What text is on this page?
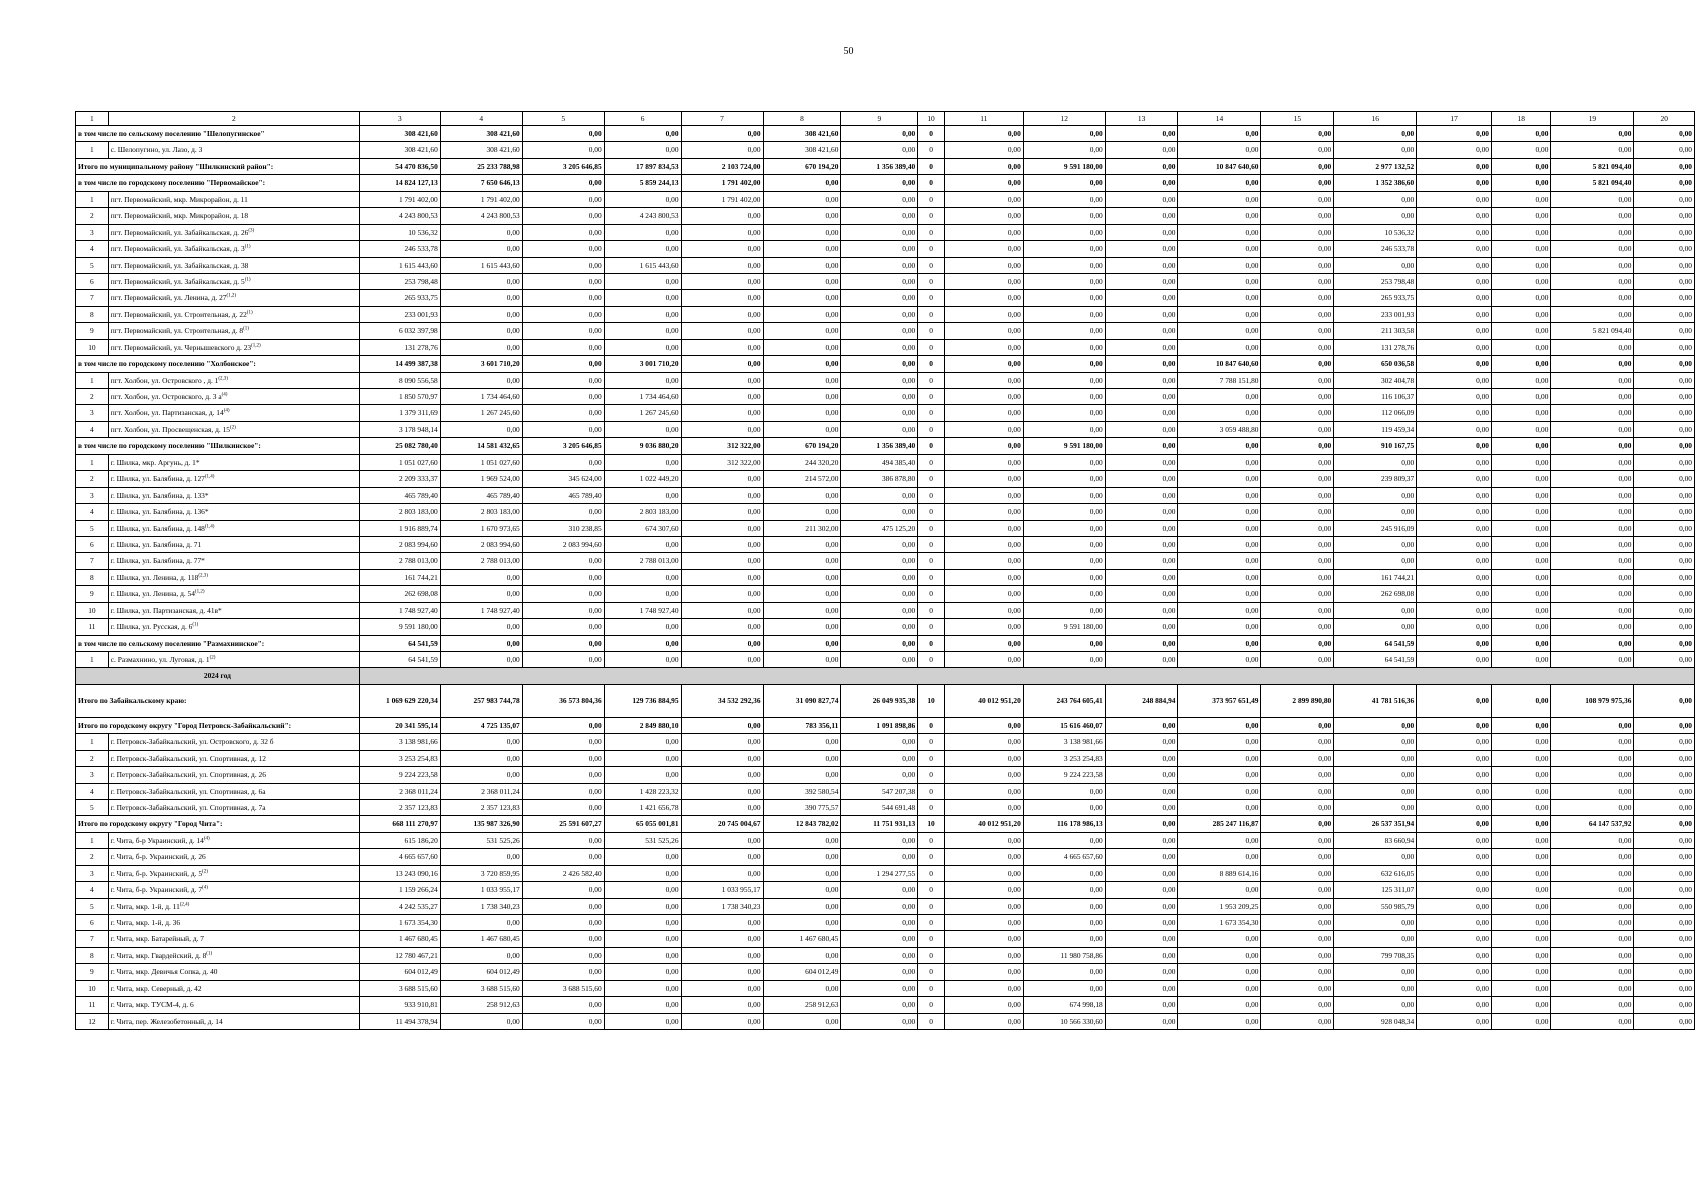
50
1	2	3	4	5	6	7	8	9	10	11	12	13	14	15	16	17	18	19	20
в том числе по сельскому поселению "Шелопугинское"		308 421,60	308 421,60	0,00	0,00	0,00	308 421,60	0,00	0	0,00	0,00	0,00	0,00	0,00	0,00	0,00	0,00	0,00	0,00
1	с. Шелопугино, ул. Лазо, д. 3	308 421,60	308 421,60	0,00	0,00	0,00	308 421,60	0,00	0	0,00	0,00	0,00	0,00	0,00	0,00	0,00	0,00	0,00	0,00
Итого по муниципальному району "Шилкинский район":		54 470 836,50	25 233 788,98	3 205 646,85	17 897 834,53	2 103 724,00	670 194,20	1 356 389,40	0	0,00	9 591 180,00	0,00	10 847 640,60	0,00	2 977 132,52	0,00	0,00	5 821 094,40	0,00
в том числе по городскому поселению "Первомайское":		14 824 127,13	7 650 646,13	0,00	5 859 244,13	1 791 402,00	0,00	0,00	0	0,00	0,00	0,00	0,00	0,00	1 352 386,60	0,00	0,00	5 821 094,40	0,00
1	пгт. Первомайский, мкр. Микрорайон, д. 11	1 791 402,00	1 791 402,00	0,00	0,00	1 791 402,00	0,00	0,00	0	0,00	0,00	0,00	0,00	0,00	0,00	0,00	0,00	0,00	0,00
2	пгт. Первомайский, мкр. Микрорайон, д. 18	4 243 800,53	4 243 800,53	0,00	4 243 800,53	0,00	0,00	0,00	0	0,00	0,00	0,00	0,00	0,00	0,00	0,00	0,00	0,00	0,00
3	пгт. Первомайский, ул. Забайкальская, д. 26$^{(3)}$	10 536,32	0,00	0,00	0,00	0,00	0,00	0,00	0	0,00	0,00	0,00	0,00	0,00	10 536,32	0,00	0,00	0,00	0,00
4	пгт. Первомайский, ул. Забайкальская, д. 3$^{(1)}$	246 533,78	0,00	0,00	0,00	0,00	0,00	0,00	0	0,00	0,00	0,00	0,00	0,00	246 533,78	0,00	0,00	0,00	0,00
5	пгт. Первомайский, ул. Забайкальская, д. 38	1 615 443,60	1 615 443,60	0,00	1 615 443,60	0,00	0,00	0,00	0	0,00	0,00	0,00	0,00	0,00	0,00	0,00	0,00	0,00	0,00
6	пгт. Первомайский, ул. Забайкальская, д. 5$^{(1)}$	253 798,48	0,00	0,00	0,00	0,00	0,00	0,00	0	0,00	0,00	0,00	0,00	0,00	253 798,48	0,00	0,00	0,00	0,00
7	пгт. Первомайский, ул. Ленина, д. 27$^{(1,2)}$	265 933,75	0,00	0,00	0,00	0,00	0,00	0,00	0	0,00	0,00	0,00	0,00	0,00	265 933,75	0,00	0,00	0,00	0,00
8	пгт. Первомайский, ул. Строительная, д. 22$^{(1)}$	233 001,93	0,00	0,00	0,00	0,00	0,00	0,00	0	0,00	0,00	0,00	0,00	0,00	233 001,93	0,00	0,00	0,00	0,00
9	пгт. Первомайский, ул. Строительная, д. 8$^{(1)}$	6 032 397,98	0,00	0,00	0,00	0,00	0,00	0,00	0	0,00	0,00	0,00	0,00	0,00	211 303,58	0,00	0,00	5 821 094,40	0,00
10	пгт. Первомайский, ул. Чернышевского д. 23$^{(1,2)}$	131 278,76	0,00	0,00	0,00	0,00	0,00	0,00	0	0,00	0,00	0,00	0,00	0,00	131 278,76	0,00	0,00	0,00	0,00
в том числе по городскому поселению "Холбонское":		14 499 387,38	3 601 710,20	0,00	3 001 710,20	0,00	0,00	0,00	0	0,00	0,00	0,00	10 847 640,60	0,00	650 036,58	0,00	0,00	0,00	0,00
1	пгт. Холбон, ул. Островского , д. 1$^{(2,3)}$	8 090 556,58	0,00	0,00	0,00	0,00	0,00	0,00	0	0,00	0,00	0,00	7 788 151,80	0,00	302 404,78	0,00	0,00	0,00	0,00
2	пгт. Холбон, ул. Островского, д. 3 $а^{(4)}$	1 850 570,97	1 734 464,60	0,00	1 734 464,60	0,00	0,00	0,00	0	0,00	0,00	0,00	0,00	0,00	116 106,37	0,00	0,00	0,00	0,00
3	пгт. Холбон, ул. Партизанская, д. 14$^{(4)}$	1 379 311,69	1 267 245,60	0,00	1 267 245,60	0,00	0,00	0,00	0	0,00	0,00	0,00	0,00	0,00	112 066,09	0,00	0,00	0,00	0,00
4	пгт. Холбон, ул. Просвещенская, д. 15$^{(2)}$	3 178 948,14	0,00	0,00	0,00	0,00	0,00	0,00	0	0,00	0,00	0,00	3 059 488,80	0,00	119 459,34	0,00	0,00	0,00	0,00
в том числе по городскому поселению "Шилкинское":		25 082 780,40	14 581 432,65	3 205 646,85	9 036 880,20	312 322,00	670 194,20	1 356 389,40	0	0,00	9 591 180,00	0,00	0,00	0,00	910 167,75	0,00	0,00	0,00	0,00
1	г. Шилка, мкр. Аргунь, д. 1*	1 051 027,60	1 051 027,60	0,00	0,00	312 322,00	244 320,20	494 385,40	0	0,00	0,00	0,00	0,00	0,00	0,00	0,00	0,00	0,00	0,00
2	г. Шилка, ул. Балябина, д. 127$^{(1,4)}$	2 209 333,37	1 969 524,00	345 624,00	1 022 449,20	0,00	214 572,00	386 878,80	0	0,00	0,00	0,00	0,00	0,00	239 809,37	0,00	0,00	0,00	0,00
3	г. Шилка, ул. Балябина, д. 133*	465 789,40	465 789,40	465 789,40	0,00	0,00	0,00	0,00	0	0,00	0,00	0,00	0,00	0,00	0,00	0,00	0,00	0,00	0,00
4	г. Шилка, ул. Балябина, д. 136*	2 803 183,00	2 803 183,00	0,00	2 803 183,00	0,00	0,00	0,00	0	0,00	0,00	0,00	0,00	0,00	0,00	0,00	0,00	0,00	0,00
5	г. Шилка, ул. Балябина, д. 148$^{(1,4)}$	1 916 889,74	1 670 973,65	310 238,85	674 307,60	0,00	211 302,00	475 125,20	0	0,00	0,00	0,00	0,00	0,00	245 916,09	0,00	0,00	0,00	0,00
6	г. Шилка, ул. Балябина, д. 71	2 083 994,60	2 083 994,60	2 083 994,60	0,00	0,00	0,00	0,00	0	0,00	0,00	0,00	0,00	0,00	0,00	0,00	0,00	0,00	0,00
7	г. Шилка, ул. Балябина, д. 77*	2 788 013,00	2 788 013,00	0,00	2 788 013,00	0,00	0,00	0,00	0	0,00	0,00	0,00	0,00	0,00	0,00	0,00	0,00	0,00	0,00
8	г. Шилка, ул. Ленина, д. 118$^{(2,3)}$	161 744,21	0,00	0,00	0,00	0,00	0,00	0,00	0	0,00	0,00	0,00	0,00	0,00	161 744,21	0,00	0,00	0,00	0,00
9	г. Шилка, ул. Ленина, д. 54$^{(1,2)}$	262 698,08	0,00	0,00	0,00	0,00	0,00	0,00	0	0,00	0,00	0,00	0,00	0,00	262 698,08	0,00	0,00	0,00	0,00
10	г. Шилка, ул. Партизанская, д. 41в*	1 748 927,40	1 748 927,40	0,00	1 748 927,40	0,00	0,00	0,00	0	0,00	0,00	0,00	0,00	0,00	0,00	0,00	0,00	0,00	0,00
11	г. Шилка, ул. Русская, д. 6$^{(1)}$	9 591 180,00	0,00	0,00	0,00	0,00	0,00	0,00	0	0,00	9 591 180,00	0,00	0,00	0,00	0,00	0,00	0,00	0,00	0,00
в том числе по сельскому поселению "Размахнинское":		64 541,59	0,00	0,00	0,00	0,00	0,00	0,00	0	0,00	0,00	0,00	0,00	0,00	64 541,59	0,00	0,00	0,00	0,00
1	с. Размахнино, ул. Луговая, д. 1$^{(2)}$	64 541,59	0,00	0,00	0,00	0,00	0,00	0,00	0	0,00	0,00	0,00	0,00	0,00	64 541,59	0,00	0,00	0,00	0,00
2024 год																			
Итого по Забайкальскому краю:		1 069 629 220,34	257 983 744,78	36 573 804,36	129 736 884,95	34 532 292,36	31 090 827,74	26 049 935,38	10	40 012 951,20	243 764 605,41	248 884,94	373 957 651,49	2 899 890,80	41 781 516,36	0,00	0,00	108 979 975,36	0,00
Итого по городскому округу "Город Петровск-Забайкальский":		20 341 595,14	4 725 135,07	0,00	2 849 880,10	0,00	783 356,11	1 091 898,86	0	0,00	15 616 460,07	0,00	0,00	0,00	0,00	0,00	0,00	0,00	0,00
1	г. Петровск-Забайкальский, ул. Островского, д. 32 б	3 138 981,66	0,00	0,00	0,00	0,00	0,00	0,00	0	0,00	3 138 981,66	0,00	0,00	0,00	0,00	0,00	0,00	0,00	0,00
2	г. Петровск-Забайкальский, ул. Спортивная, д. 12	3 253 254,83	0,00	0,00	0,00	0,00	0,00	0,00	0	0,00	3 253 254,83	0,00	0,00	0,00	0,00	0,00	0,00	0,00	0,00
3	г. Петровск-Забайкальский, ул. Спортивная, д. 26	9 224 223,58	0,00	0,00	0,00	0,00	0,00	0,00	0	0,00	9 224 223,58	0,00	0,00	0,00	0,00	0,00	0,00	0,00	0,00
4	г. Петровск-Забайкальский, ул. Спортивная, д. 6а	2 368 011,24	2 368 011,24	0,00	1 428 223,32	0,00	392 580,54	547 207,38	0	0,00	0,00	0,00	0,00	0,00	0,00	0,00	0,00	0,00	0,00
5	г. Петровск-Забайкальский, ул. Спортивная, д. 7а	2 357 123,83	2 357 123,83	0,00	1 421 656,78	0,00	390 775,57	544 691,48	0	0,00	0,00	0,00	0,00	0,00	0,00	0,00	0,00	0,00	0,00
Итого по городскому округу "Город Чита":		668 111 270,97	135 987 326,90	25 591 607,27	65 055 001,81	20 745 004,67	12 843 782,02	11 751 931,13	10	40 012 951,20	116 178 986,13	0,00	285 247 116,87	0,00	26 537 351,94	0,00	0,00	64 147 537,92	0,00
1	г. Чита, б-р Украинский, д. 14$^{(4)}$	615 186,20	531 525,26	0,00	531 525,26	0,00	0,00	0,00	0	0,00	0,00	0,00	0,00	0,00	83 660,94	0,00	0,00	0,00	0,00
2	г. Чита, б-р. Украинский, д. 26	4 665 657,60	0,00	0,00	0,00	0,00	0,00	0,00	0	0,00	4 665 657,60	0,00	0,00	0,00	0,00	0,00	0,00	0,00	0,00
3	г. Чита, б-р. Украинский, д. 5$^{(2)}$	13 243 090,16	3 720 859,95	2 426 582,40	0,00	0,00	0,00	1 294 277,55	0	0,00	0,00	0,00	8 889 614,16	0,00	632 616,05	0,00	0,00	0,00	0,00
4	г. Чита, б-р. Украинский, д. 7$^{(4)}$	1 159 266,24	1 033 955,17	0,00	0,00	1 033 955,17	0,00	0,00	0	0,00	0,00	0,00	0,00	0,00	125 311,07	0,00	0,00	0,00	0,00
5	г. Чита, мкр. 1-й, д. 11$^{(2,4)}$	4 242 535,27	1 738 340,23	0,00	0,00	1 738 340,23	0,00	0,00	0	0,00	0,00	0,00	1 953 209,25	0,00	550 985,79	0,00	0,00	0,00	0,00
6	г. Чита, мкр. 1-й, д. 36	1 673 354,30	0,00	0,00	0,00	0,00	0,00	0,00	0	0,00	0,00	0,00	1 673 354,30	0,00	0,00	0,00	0,00	0,00	0,00
7	г. Чита, мкр. Батарейный, д. 7	1 467 680,45	1 467 680,45	0,00	0,00	0,00	1 467 680,45	0,00	0	0,00	0,00	0,00	0,00	0,00	0,00	0,00	0,00	0,00	0,00
8	г. Чита, мкр. Гвардейский, д. 8$^{(1)}$	12 780 467,21	0,00	0,00	0,00	0,00	0,00	0,00	0	0,00	11 980 758,86	0,00	0,00	0,00	799 708,35	0,00	0,00	0,00	0,00
9	г. Чита, мкр. Девичья Сопка, д. 40	604 012,49	604 012,49	0,00	0,00	0,00	604 012,49	0,00	0	0,00	0,00	0,00	0,00	0,00	0,00	0,00	0,00	0,00	0,00
10	г. Чита, мкр. Северный, д. 42	3 688 515,60	3 688 515,60	3 688 515,60	0,00	0,00	0,00	0,00	0	0,00	0,00	0,00	0,00	0,00	0,00	0,00	0,00	0,00	0,00
11	г. Чита, мкр. ТУСМ-4, д. 6	933 910,81	258 912,63	0,00	0,00	0,00	258 912,63	0,00	0	0,00	674 998,18	0,00	0,00	0,00	0,00	0,00	0,00	0,00	0,00
12	г. Чита, пер. Железобетонный, д. 14	11 494 378,94	0,00	0,00	0,00	0,00	0,00	0,00	0	0,00	10 566 330,60	0,00	0,00	0,00	928 048,34	0,00	0,00	0,00	0,00
